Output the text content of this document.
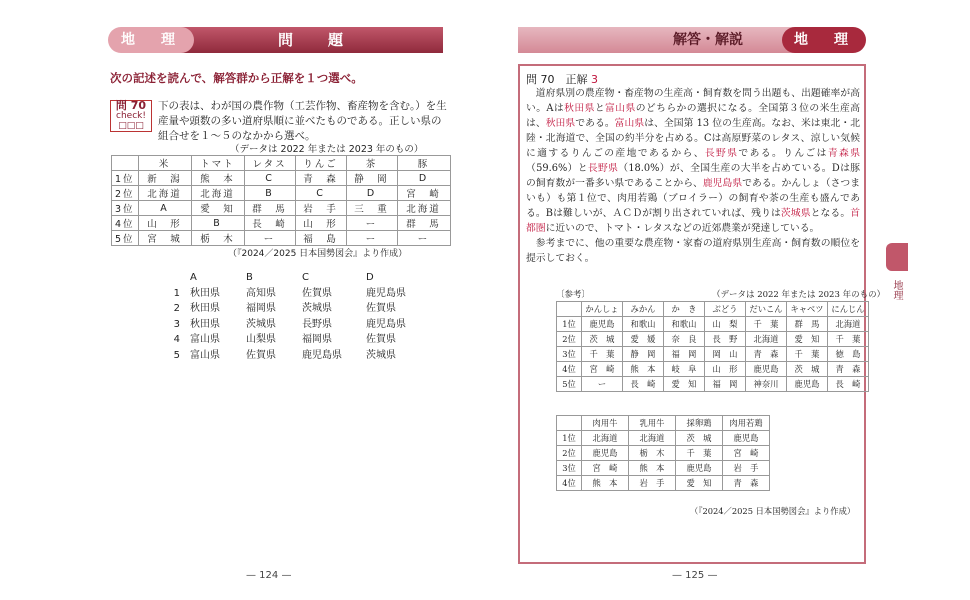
地　理	問　題
次の記述を読んで、解答群から正解を１つ選べ。
問 70
check!
□□□
下の表は、わが国の農作物（工芸作物、畜産物を含む。）を生産量や頭数の多い道府県順に並べたものである。正しい県の組合せを１～５のなかから選べ。
（データは 2022 年または 2023 年のもの）
	米	トマト	レタス	りんご	茶	豚
1位	新　潟	熊　本	C	青　森	静　岡	D
2位	北海道	北海道	B	C	D	宮　崎
3位	A	愛　知	群　馬	岩　手	三　重	北海道
4位	山　形	B	長　崎	山　形	ー	群　馬
5位	宮　城	栃　木	ー	福　島	ー	ー
（『2024／2025 日本国勢図会』より作成）
A	B	C	D
1	秋田県	高知県	佐賀県	鹿児島県
2	秋田県	福岡県	茨城県	佐賀県
3	秋田県	茨城県	長野県	鹿児島県
4	富山県	山梨県	福岡県	佐賀県
5	富山県	佐賀県	鹿児島県	茨城県
— 124 —
解答・解説	地　理
問 70　正解 3

道府県別の農産物・畜産物の生産高・飼育数を問う出題も、出題確率が高い。Aは秋田県と富山県のどちらかの選択になる。全国第３位の米生産高は、秋田県である。富山県は、全国第 13 位の生産高。なお、米は東北・北陸・北海道で、全国の約半分を占める。Cは高原野菜のレタス、涼しい気候に適するりんごの産地であるから、長野県である。りんごは青森県（59.6%）と長野県（18.0%）が、全国生産の大半を占めている。Dは豚の飼育数が一番多い県であることから、鹿児島県である。かんしょ（さつまいも）も第１位で、肉用若鶏（ブロイラー）の飼育や茶の生産も盛んである。Bは難しいが、ＡＣＤが割り出されていれば、残りは茨城県となる。首都圏に近いので、トマト・レタスなどの近郊農業が発達している。

参考までに、他の重要な農産物・家畜の道府県別生産高・飼育数の順位を提示しておく。

〔参考〕	（データは 2022 年または 2023 年のもの）
	かんしょ	みかん	か　き	ぶどう	だいこん	キャベツ	にんじん
1位	鹿児島	和歌山	和歌山	山　梨	千　葉	群　馬	北海道
2位	茨　城	愛　媛	奈　良	長　野	北海道	愛　知	千　葉
3位	千　葉	静　岡	福　岡	岡　山	青　森	千　葉	徳　島
4位	宮　崎	熊　本	岐　阜	山　形	鹿児島	茨　城	青　森
5位	ー	長　崎	愛　知	福　岡	神奈川	鹿児島	長　崎
	肉用牛	乳用牛	採卵鶏	肉用若鶏
1位	北海道	北海道	茨　城	鹿児島
2位	鹿児島	栃　木	千　葉	宮　崎
3位	宮　崎	熊　本	鹿児島	岩　手
4位	熊　本	岩　手	愛　知	青　森
（『2024／2025 日本国勢図会』より作成）
地理
— 125 —
